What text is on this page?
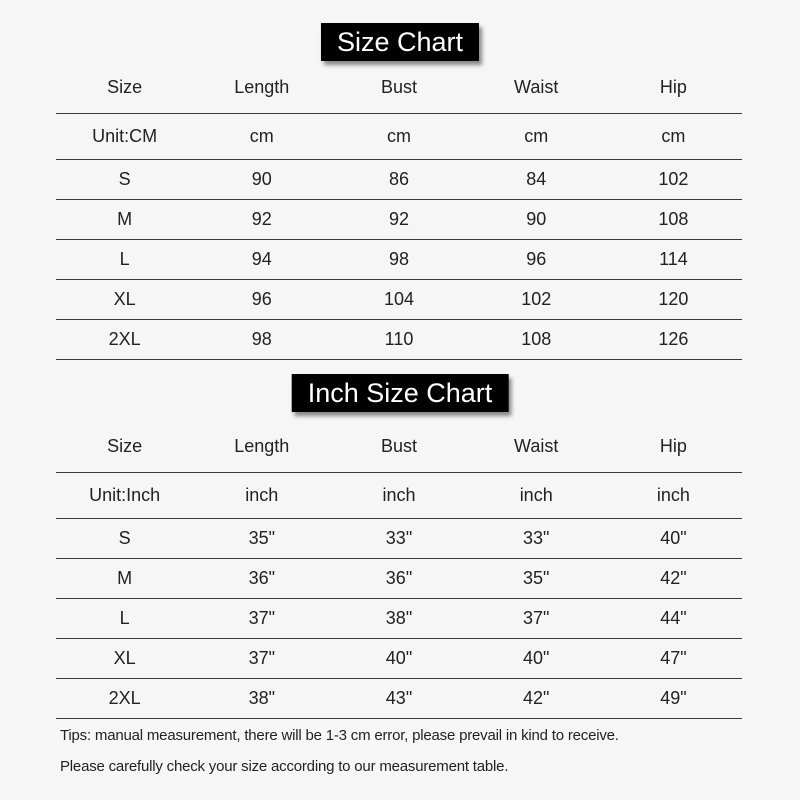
Size Chart
Size	Length	Bust	Waist	Hip
Unit:CM	cm	cm	cm	cm
S	90	86	84	102
M	92	92	90	108
L	94	98	96	114
XL	96	104	102	120
2XL	98	110	108	126
Inch Size Chart
Size	Length	Bust	Waist	Hip
Unit:Inch	inch	inch	inch	inch
S	35"	33"	33"	40"
M	36"	36"	35"	42"
L	37"	38"	37"	44"
XL	37"	40"	40"	47"
2XL	38"	43"	42"	49"
Tips: manual measurement, there will be 1-3 cm error, please prevail in kind to receive.
Please carefully check your size according to our measurement table.
